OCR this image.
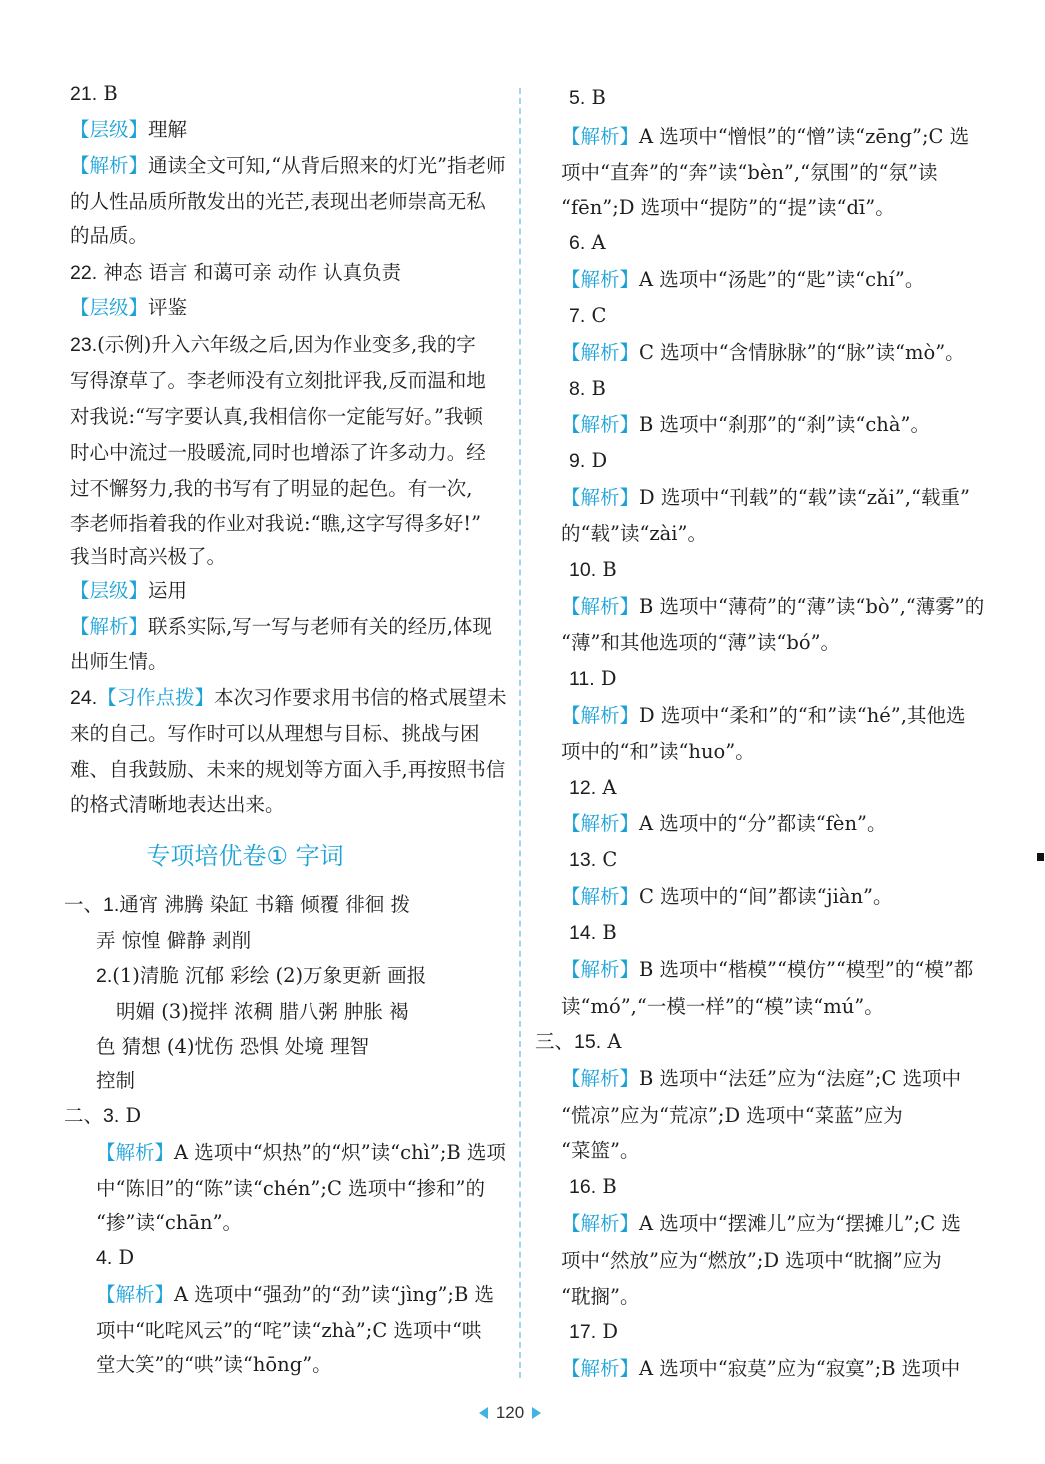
21. B
【层级】理解
【解析】通读全文可知,“从背后照来的灯光”指老师
的人性品质所散发出的光芒,表现出老师崇高无私
的品质。
22. 神态 语言 和蔼可亲 动作 认真负责
【层级】评鉴
23.(示例)升入六年级之后,因为作业变多,我的字
写得潦草了。李老师没有立刻批评我,反而温和地
对我说:“写字要认真,我相信你一定能写好。”我顿
时心中流过一股暖流,同时也增添了许多动力。经
过不懈努力,我的书写有了明显的起色。有一次,
李老师指着我的作业对我说:“瞧,这字写得多好!”
我当时高兴极了。
【层级】运用
【解析】联系实际,写一写与老师有关的经历,体现
出师生情。
24.【习作点拨】本次习作要求用书信的格式展望未
来的自己。写作时可以从理想与目标、挑战与困
难、自我鼓励、未来的规划等方面入手,再按照书信
的格式清晰地表达出来。
专项培优卷① 字词
一、1.通宵 沸腾 染缸 书籍 倾覆 徘徊 拨
弄 惊惶 僻静 剥削
2.(1)清脆 沉郁 彩绘 (2)万象更新 画报
明媚 (3)搅拌 浓稠 腊八粥 肿胀 褐
色 猜想 (4)忧伤 恐惧 处境 理智
控制
二、3. D
【解析】A 选项中“炽热”的“炽”读“chì”;B 选项
中“陈旧”的“陈”读“chén”;C 选项中“掺和”的
“掺”读“chān”。
4. D
【解析】A 选项中“强劲”的“劲”读“jìng”;B 选
项中“叱咤风云”的“咤”读“zhà”;C 选项中“哄
堂大笑”的“哄”读“hōng”。
5. B
【解析】A 选项中“憎恨”的“憎”读“zēng”;C 选
项中“直奔”的“奔”读“bèn”,“氛围”的“氛”读
“fēn”;D 选项中“提防”的“提”读“dī”。
6. A
【解析】A 选项中“汤匙”的“匙”读“chí”。
7. C
【解析】C 选项中“含情脉脉”的“脉”读“mò”。
8. B
【解析】B 选项中“刹那”的“刹”读“chà”。
9. D
【解析】D 选项中“刊载”的“载”读“zǎi”,“载重”
的“载”读“zài”。
10. B
【解析】B 选项中“薄荷”的“薄”读“bò”,“薄雾”的
“薄”和其他选项的“薄”读“bó”。
11. D
【解析】D 选项中“柔和”的“和”读“hé”,其他选
项中的“和”读“huo”。
12. A
【解析】A 选项中的“分”都读“fèn”。
13. C
【解析】C 选项中的“间”都读“jiàn”。
14. B
【解析】B 选项中“楷模”“模仿”“模型”的“模”都
读“mó”,“一模一样”的“模”读“mú”。
三、15. A
【解析】B 选项中“法廷”应为“法庭”;C 选项中
“慌凉”应为“荒凉”;D 选项中“菜蓝”应为
“菜篮”。
16. B
【解析】A 选项中“摆滩儿”应为“摆摊儿”;C 选
项中“然放”应为“燃放”;D 选项中“眈搁”应为
“耽搁”。
17. D
【解析】A 选项中“寂莫”应为“寂寞”;B 选项中
120
